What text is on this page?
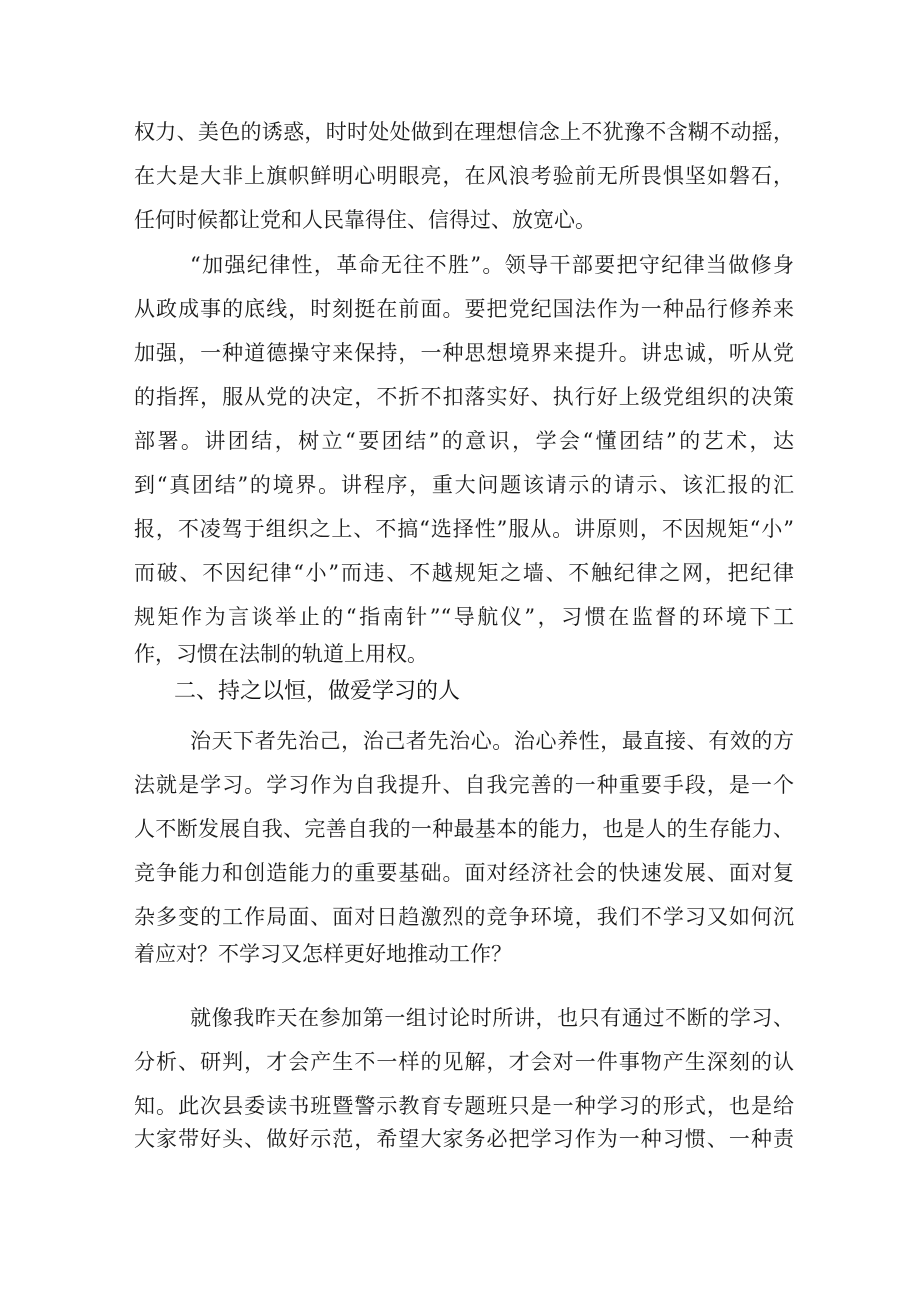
权力、美色的诱惑，时时处处做到在理想信念上不犹豫不含糊不动摇，
在大是大非上旗帜鲜明心明眼亮，在风浪考验前无所畏惧坚如磐石，
任何时候都让党和人民靠得住、信得过、放宽心。
“加强纪律性，革命无往不胜”。领导干部要把守纪律当做修身
从政成事的底线，时刻挺在前面。要把党纪国法作为一种品行修养来
加强，一种道德操守来保持，一种思想境界来提升。讲忠诚，听从党
的指挥，服从党的决定，不折不扣落实好、执行好上级党组织的决策
部署。讲团结，树立“要团结”的意识，学会“懂团结”的艺术，达
到“真团结”的境界。讲程序，重大问题该请示的请示、该汇报的汇
报，不凌驾于组织之上、不搞“选择性”服从。讲原则，不因规矩“小”
而破、不因纪律“小”而违、不越规矩之墙、不触纪律之网，把纪律
规矩作为言谈举止的“指南针”“导航仪”，习惯在监督的环境下工
作，习惯在法制的轨道上用权。
二、持之以恒，做爱学习的人
治天下者先治己，治己者先治心。治心养性，最直接、有效的方
法就是学习。学习作为自我提升、自我完善的一种重要手段，是一个
人不断发展自我、完善自我的一种最基本的能力，也是人的生存能力、
竞争能力和创造能力的重要基础。面对经济社会的快速发展、面对复
杂多变的工作局面、面对日趋激烈的竞争环境，我们不学习又如何沉
着应对？不学习又怎样更好地推动工作？
就像我昨天在参加第一组讨论时所讲，也只有通过不断的学习、
分析、研判，才会产生不一样的见解，才会对一件事物产生深刻的认
知。此次县委读书班暨警示教育专题班只是一种学习的形式，也是给
大家带好头、做好示范，希望大家务必把学习作为一种习惯、一种责
